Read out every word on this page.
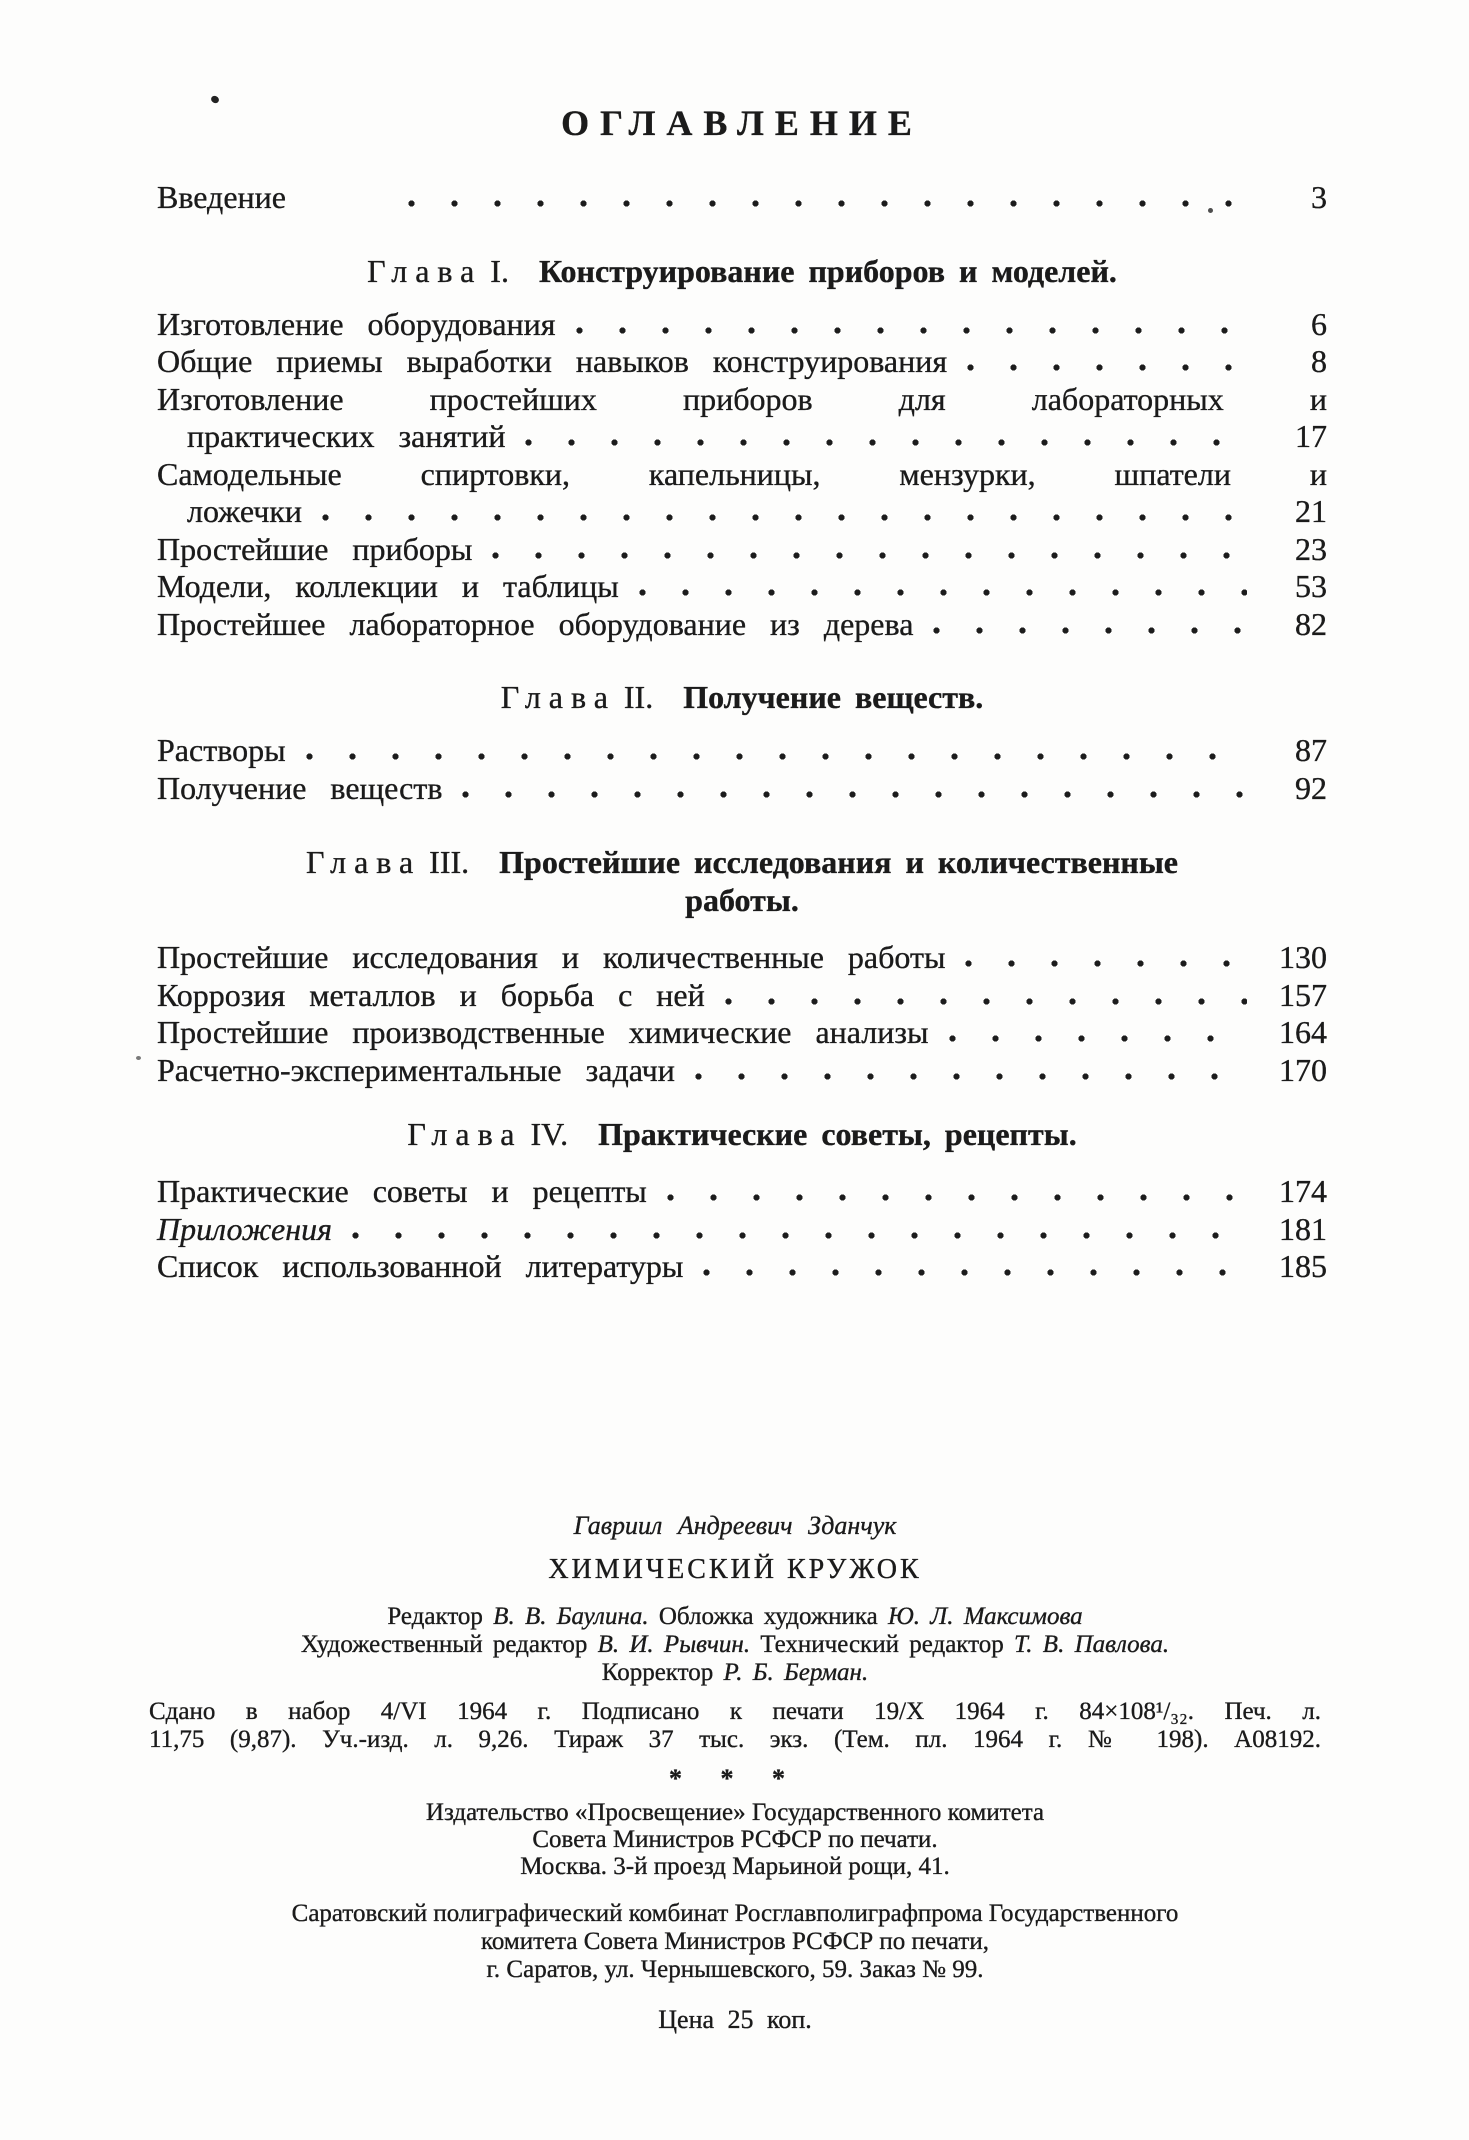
ОГЛАВЛЕНИЕ
Введение	3
Глава I. Конструирование приборов и моделей.
Изготовление оборудования	6
Общие приемы выработки навыков конструирования	8
Изготовление простейших приборов для лабораторных и
практических занятий	17
Самодельные спиртовки, капельницы, мензурки, шпатели и
ложечки	21
Простейшие приборы	23
Модели, коллекции и таблицы	53
Простейшее лабораторное оборудование из дерева	82
Глава II. Получение веществ.
Растворы	87
Получение веществ	92
Глава III. Простейшие исследования и количественные
работы.
Простейшие исследования и количественные работы	130
Коррозия металлов и борьба с ней	157
Простейшие производственные химические анализы	164
Расчетно-экспериментальные задачи	170
Глава IV. Практические советы, рецепты.
Практические советы и рецепты	174
Приложения	181
Список использованной литературы	185
Гавриил Андреевич Зданчук
ХИМИЧЕСКИЙ КРУЖОК
Редактор В. В. Баулина. Обложка художника Ю. Л. Максимова
Художественный редактор В. И. Рывчин. Технический редактор Т. В. Павлова.
Корректор Р. Б. Берман.
Сдано в набор 4/VI 1964 г. Подписано к печати 19/X 1964 г. 84×108¹/₃₂. Печ. л.
11,75 (9,87). Уч.-изд. л. 9,26. Тираж 37 тыс. экз. (Тем. пл. 1964 г. № 198). А08192.
* * *
Издательство «Просвещение» Государственного комитета
Совета Министров РСФСР по печати.
Москва. 3-й проезд Марьиной рощи, 41.
Саратовский полиграфический комбинат Росглавполиграфпрома Государственного
комитета Совета Министров РСФСР по печати,
г. Саратов, ул. Чернышевского, 59. Заказ № 99.
Цена 25 коп.
